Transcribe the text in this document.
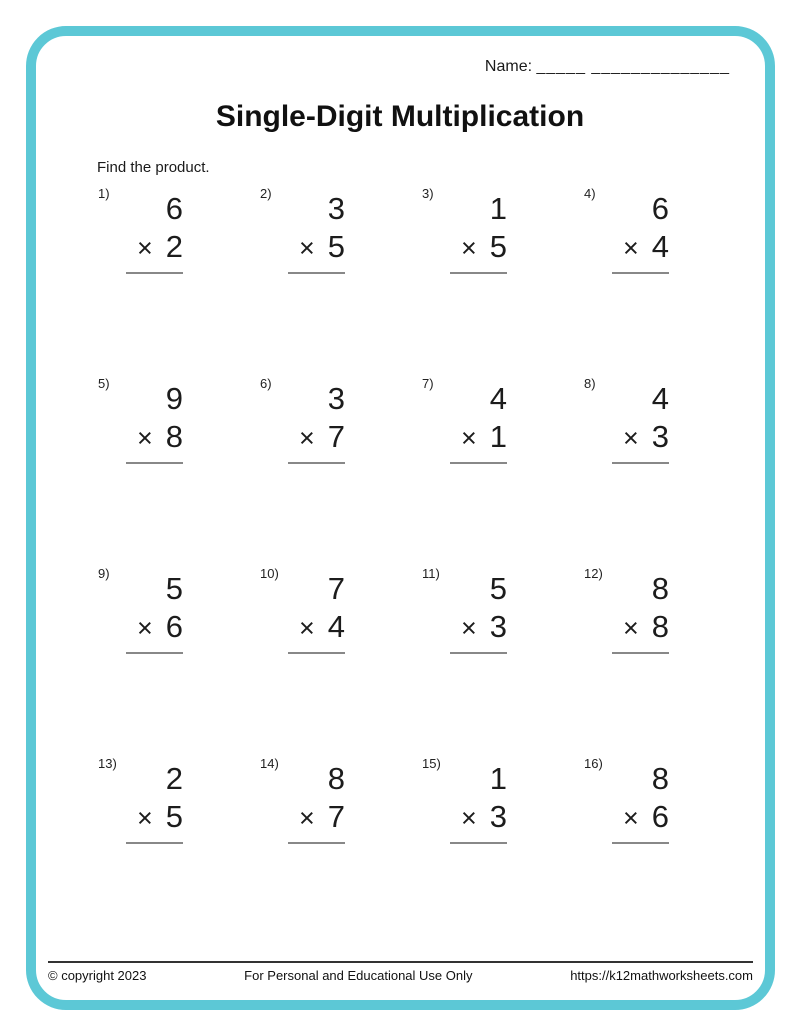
Name: _____ ______________
Single-Digit Multiplication
Find the product.
1)	6
× 2
2)	3
× 5
3)	1
× 5
4)	6
× 4
5)	9
× 8
6)	3
× 7
7)	4
× 1
8)	4
× 3
9)	5
× 6
10)	7
× 4
11)	5
× 3
12)	8
× 8
13)	2
× 5
14)	8
× 7
15)	1
× 3
16)	8
× 6
© copyright 2023	For Personal and Educational Use Only	https://k12mathworksheets.com
